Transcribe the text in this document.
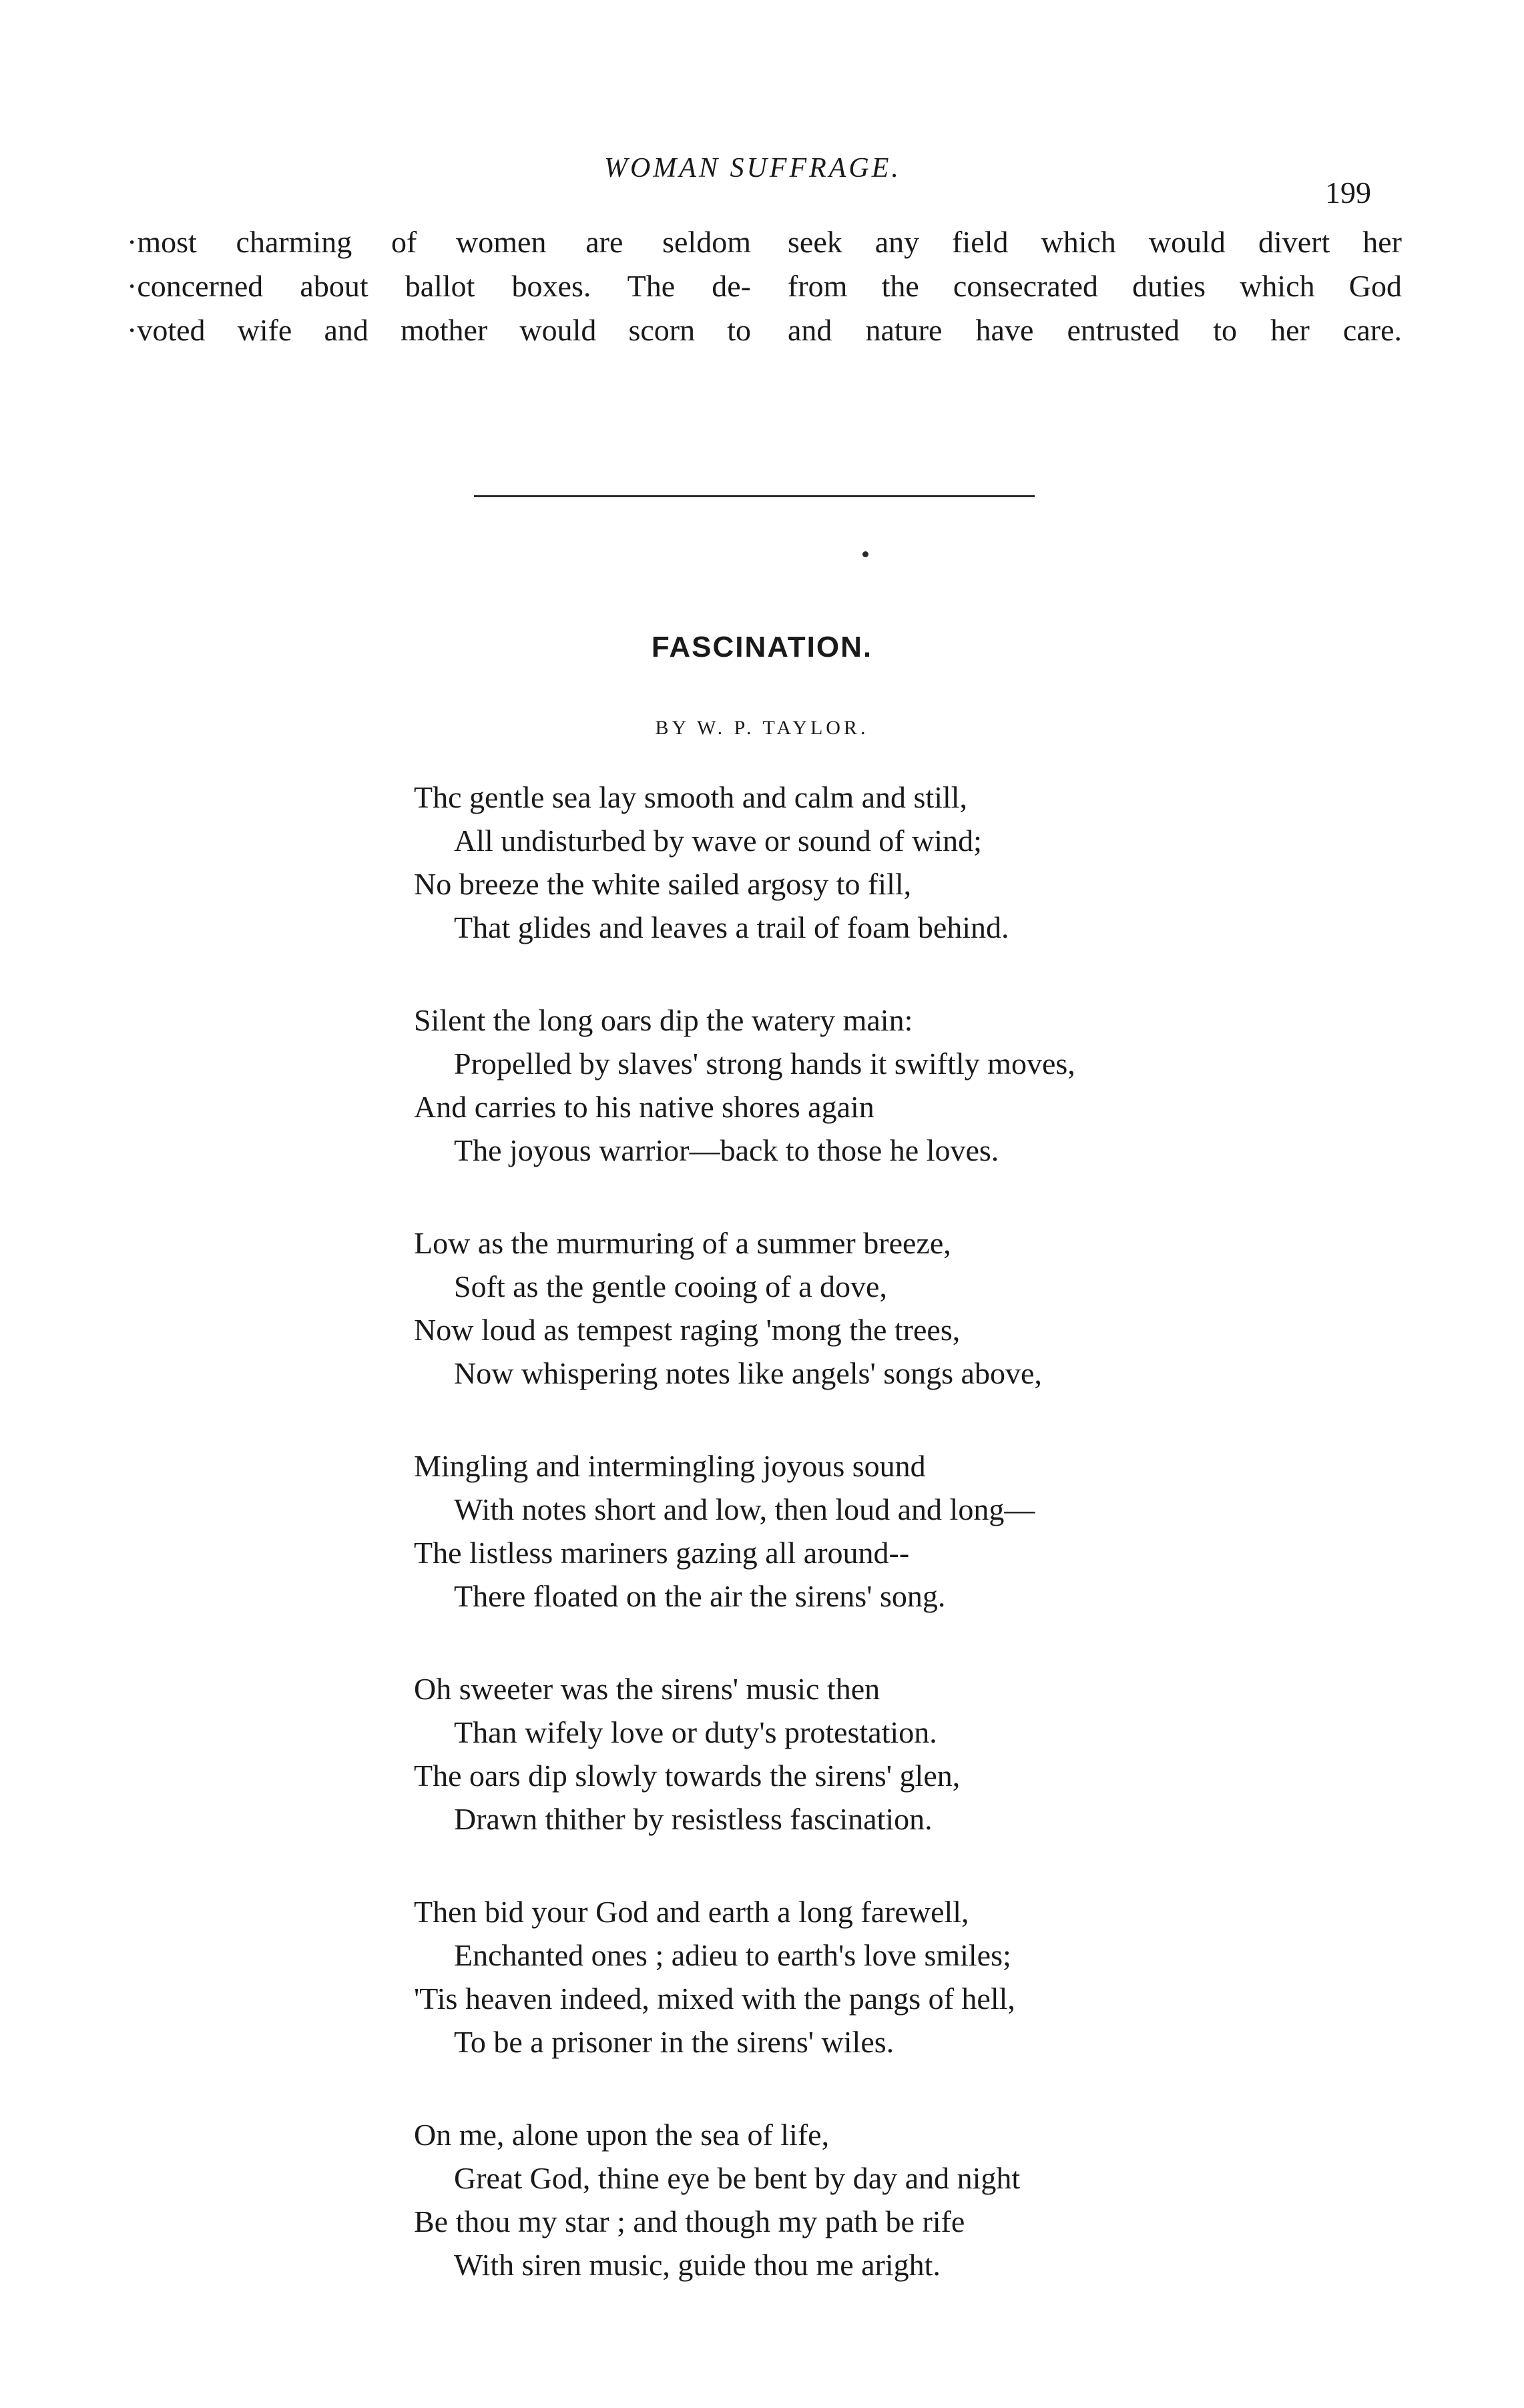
WOMAN SUFFRAGE.
199
·most charming of women are seldom
·concerned about ballot boxes. The de-
·voted wife and mother would scorn to
seek any field which would divert her
from the consecrated duties which God
and nature have entrusted to her care.
FASCINATION.
BY W. P. TAYLOR.
Thc gentle sea lay smooth and calm and still,
All undisturbed by wave or sound of wind;
No breeze the white sailed argosy to fill,
That glides and leaves a trail of foam behind.
Silent the long oars dip the watery main:
Propelled by slaves' strong hands it swiftly moves,
And carries to his native shores again
The joyous warrior—back to those he loves.
Low as the murmuring of a summer breeze,
Soft as the gentle cooing of a dove,
Now loud as tempest raging 'mong the trees,
Now whispering notes like angels' songs above,
Mingling and intermingling joyous sound
With notes short and low, then loud and long—
The listless mariners gazing all around--
There floated on the air the sirens' song.
Oh sweeter was the sirens' music then
Than wifely love or duty's protestation.
The oars dip slowly towards the sirens' glen,
Drawn thither by resistless fascination.
Then bid your God and earth a long farewell,
Enchanted ones ; adieu to earth's love smiles;
'Tis heaven indeed, mixed with the pangs of hell,
To be a prisoner in the sirens' wiles.
On me, alone upon the sea of life,
Great God, thine eye be bent by day and night
Be thou my star ; and though my path be rife
With siren music, guide thou me aright.
